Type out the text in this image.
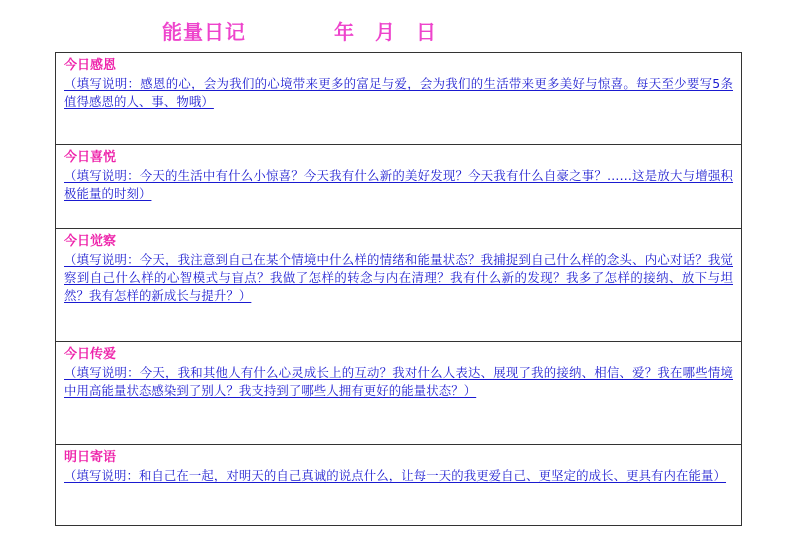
能量日记	年 月 日
今日感恩
（填写说明：感恩的心，会为我们的心境带来更多的富足与爱，会为我们的生活带来更多美好与惊喜。每天至少要写5条值得感恩的人、事、物哦）
今日喜悦
（填写说明：今天的生活中有什么小惊喜？今天我有什么新的美好发现？今天我有什么自豪之事？……这是放大与增强积极能量的时刻）
今日觉察
（填写说明：今天，我注意到自己在某个情境中什么样的情绪和能量状态？我捕捉到自己什么样的念头、内心对话？我觉察到自己什么样的心智模式与盲点？我做了怎样的转念与内在清理？我有什么新的发现？我多了怎样的接纳、放下与坦然？我有怎样的新成长与提升？）
今日传爱
（填写说明：今天，我和其他人有什么心灵成长上的互动？我对什么人表达、展现了我的接纳、相信、爱？我在哪些情境中用高能量状态感染到了别人？我支持到了哪些人拥有更好的能量状态？）
明日寄语
（填写说明：和自己在一起，对明天的自己真诚的说点什么，让每一天的我更爱自己、更坚定的成长、更具有内在能量）
